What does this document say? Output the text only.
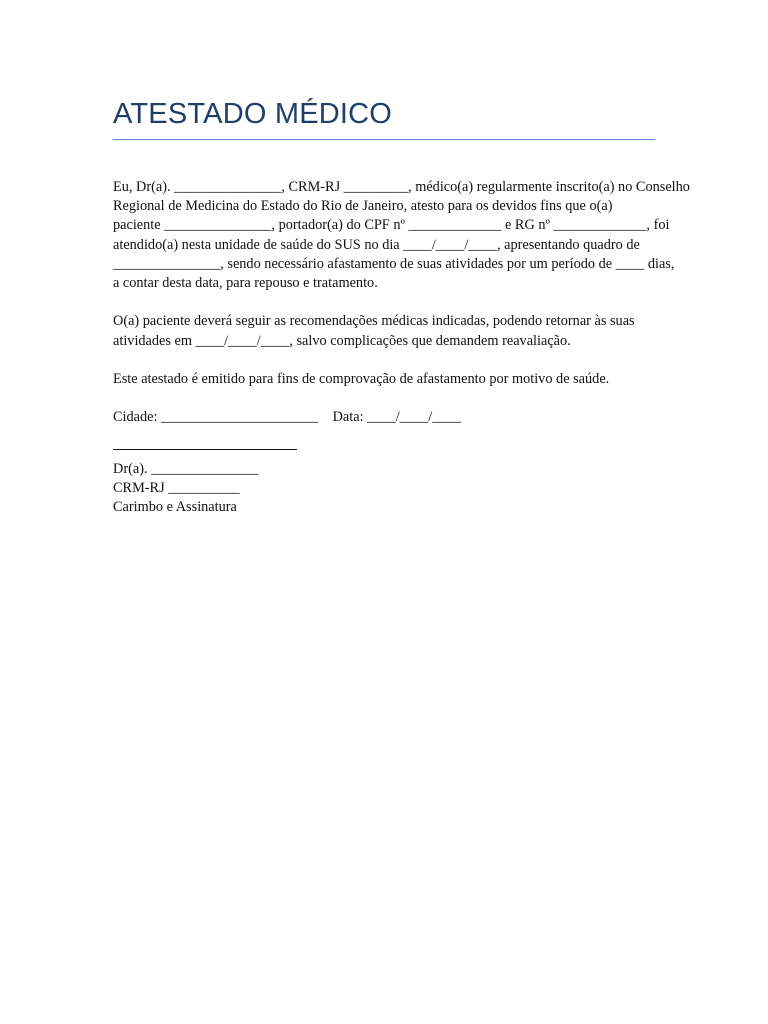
ATESTADO MÉDICO

Eu, Dr(a). _______________, CRM-RJ _________, médico(a) regularmente inscrito(a) no Conselho
Regional de Medicina do Estado do Rio de Janeiro, atesto para os devidos fins que o(a)
paciente _______________, portador(a) do CPF nº _____________ e RG nº _____________, foi
atendido(a) nesta unidade de saúde do SUS no dia ____/____/____, apresentando quadro de
_______________, sendo necessário afastamento de suas atividades por um período de ____ dias,
a contar desta data, para repouso e tratamento.

O(a) paciente deverá seguir as recomendações médicas indicadas, podendo retornar às suas
atividades em ____/____/____, salvo complicações que demandem reavaliação.

Este atestado é emitido para fins de comprovação de afastamento por motivo de saúde.

Cidade: ______________________    Data: ____/____/____

Dr(a). _______________
CRM-RJ __________
Carimbo e Assinatura
